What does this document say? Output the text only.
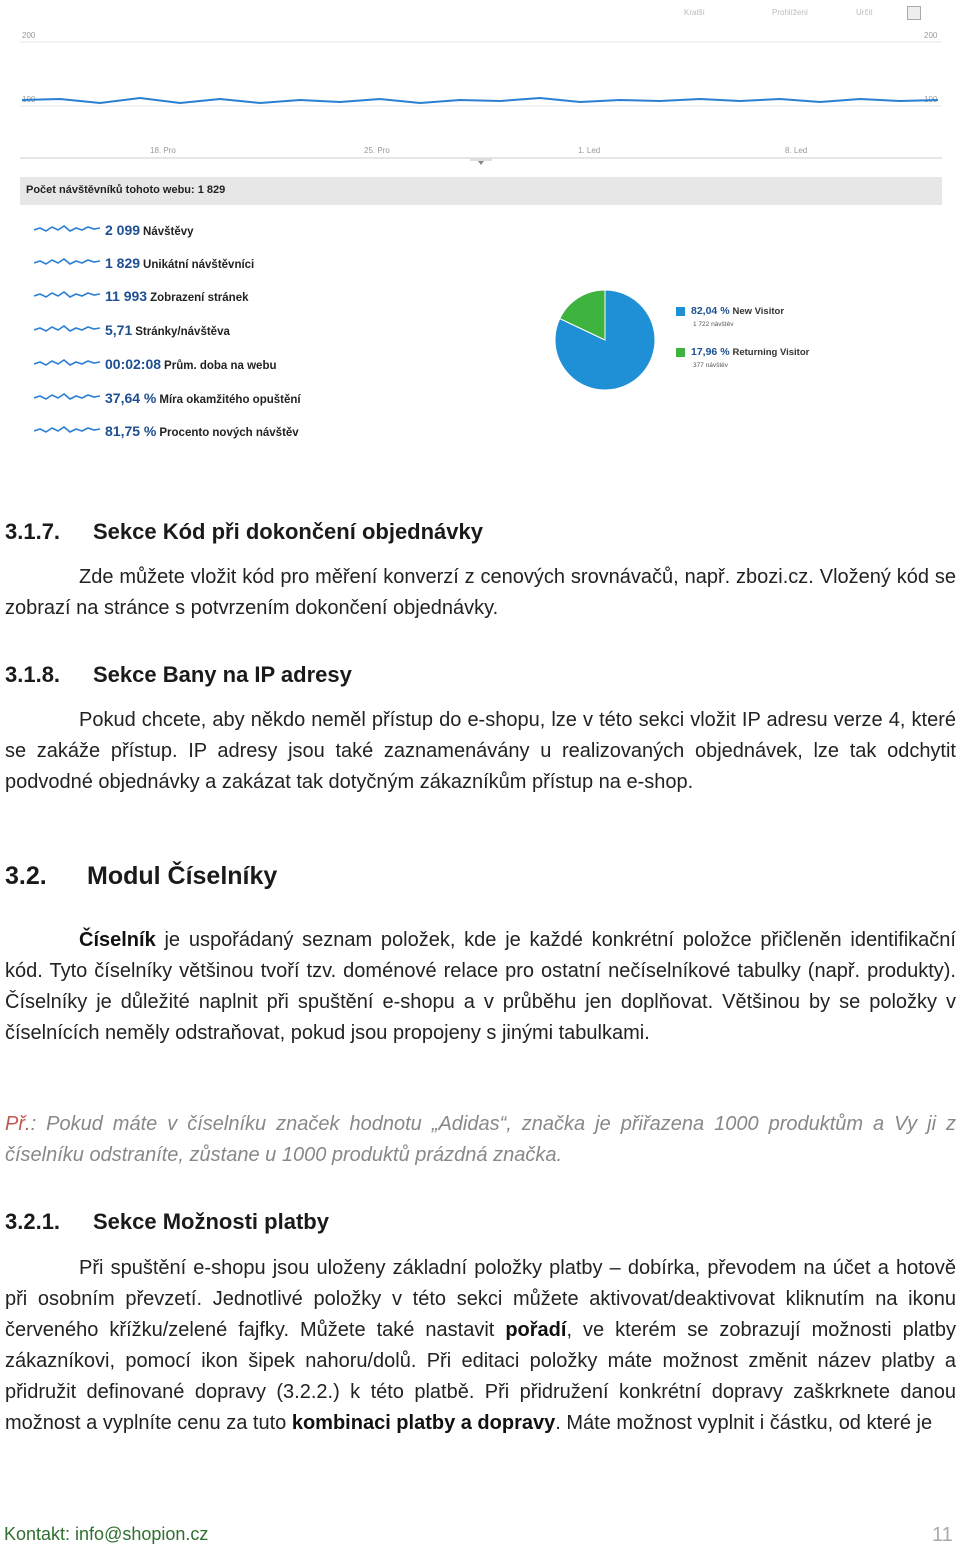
Kratší	Prohlížení	Určit
200	200
100	100
18. Pro	25. Pro	1. Led	8. Led
Počet návštěvníků tohoto webu: 1 829
2 099 Návštěvy
1 829 Unikátní návštěvníci
11 993 Zobrazení stránek
5,71 Stránky/návštěva
00:02:08 Prům. doba na webu
37,64 % Míra okamžitého opuštění
81,75 % Procento nových návštěv
82,04 % New Visitor
1 722 návštěv
17,96 % Returning Visitor
377 návštěv
3.1.7. Sekce Kód při dokončení objednávky

Zde můžete vložit kód pro měření konverzí z cenových srovnávačů, např. zbozi.cz. Vložený kód se zobrazí na stránce s potvrzením dokončení objednávky.

3.1.8. Sekce Bany na IP adresy

Pokud chcete, aby někdo neměl přístup do e-shopu, lze v této sekci vložit IP adresu verze 4, které se zakáže přístup. IP adresy jsou také zaznamenávány u realizovaných objednávek, lze tak odchytit podvodné objednávky a zakázat tak dotyčným zákazníkům přístup na e-shop.

3.2. Modul Číselníky

Číselník je uspořádaný seznam položek, kde je každé konkrétní položce přičleněn identifikační kód. Tyto číselníky většinou tvoří tzv. doménové relace pro ostatní nečíselníkové tabulky (např. produkty). Číselníky je důležité naplnit při spuštění e-shopu a v průběhu jen doplňovat. Většinou by se položky v číselnících neměly odstraňovat, pokud jsou propojeny s jinými tabulkami.

Př.: Pokud máte v číselníku značek hodnotu „Adidas“, značka je přiřazena 1000 produktům a Vy ji z číselníku odstraníte, zůstane u 1000 produktů prázdná značka.

3.2.1. Sekce Možnosti platby

Při spuštění e-shopu jsou uloženy základní položky platby – dobírka, převodem na účet a hotově při osobním převzetí. Jednotlivé položky v této sekci můžete aktivovat/deaktivovat kliknutím na ikonu červeného křížku/zelené fajfky. Můžete také nastavit pořadí, ve kterém se zobrazují možnosti platby zákazníkovi, pomocí ikon šipek nahoru/dolů. Při editaci položky máte možnost změnit název platby a přidružit definované dopravy (3.2.2.) k této platbě. Při přidružení konkrétní dopravy zaškrknete danou možnost a vyplníte cenu za tuto kombinaci platby a dopravy. Máte možnost vyplnit i částku, od které je

Kontakt: info@shopion.cz	11
